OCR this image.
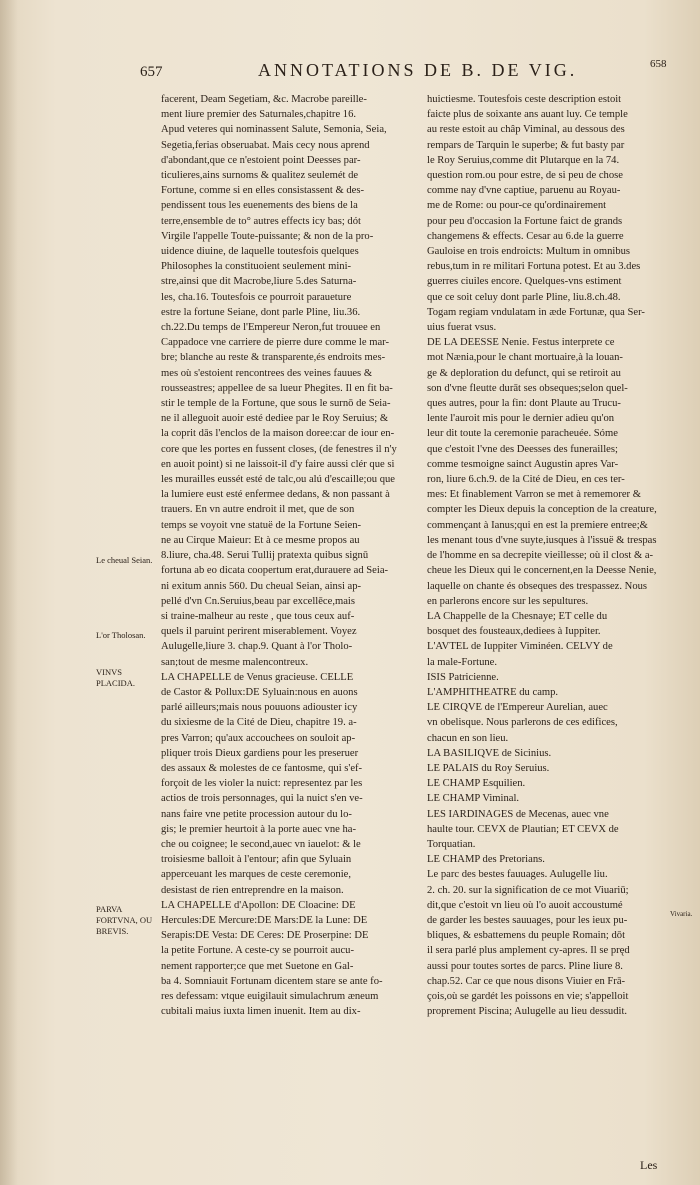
657	ANNOTATIONS DE B. DE VIG.	658
Le cheual Seian.
L'or Tholosan.
VINVS PLACIDA.
PARVA FORTVNA, OU BREVIS.
Vivaria.
facerent, Deam Segetiam, &c. Macrobe pareille-
ment liure premier des Saturnales,chapitre 16.
Apud veteres qui nominassent Salute, Semonia, Seia,
Segetia,ferias obseruabat. Mais cecy nous aprend
d'abondant,que ce n'estoient point Deesses par-
ticulieres,ains surnoms & qualitez seulemét de
Fortune, comme si en elles consistassent & des-
pendissent tous les euenements des biens de la
terre,ensemble de to° autres effects icy bas; dót
Virgile l'appelle Toute-puissante; & non de la pro-
uidence diuine, de laquelle toutesfois quelques
Philosophes la constituoient seulement mini-
stre,ainsi que dit Macrobe,liure 5.des Saturna-
les, cha.16. Toutesfois ce pourroit paraueture
estre la fortune Seiane, dont parle Pline, liu.36.
ch.22.Du temps de l'Empereur Neron,fut trouuee en
Cappadoce vne carriere de pierre dure comme le mar-
bre; blanche au reste & transparente,és endroits mes-
mes où s'estoient rencontrees des veines fauues &
rousseastres; appellee de sa lueur Phegites. Il en fit ba-
stir le temple de la Fortune, que sous le surnō de Seia-
ne il alleguoit auoir esté dediee par le Roy Seruius; &
la coprit dās l'enclos de la maison doree:car de iour en-
core que les portes en fussent closes, (de fenestres il n'y
en auoit point) si ne laissoit-il d'y faire aussi clér que si
les murailles eussét esté de talc,ou alú d'escaille;ou que
la lumiere eust esté enfermee dedans, & non passant à
trauers. En vn autre endroit il met, que de son
temps se voyoit vne statuë de la Fortune Seien-
ne au Cirque Maieur: Et à ce mesme propos au
8.liure, cha.48. Serui Tullij pratexta quibus signū
fortuna ab eo dicata coopertum erat,durauere ad Seia-
ni exitum annis 560. Du cheual Seian, ainsi ap-
pellé d'vn Cn.Seruius,beau par excellēce,mais
si traine-malheur au reste , que tous ceux auf-
quels il paruint perirent miserablement. Voyez
Aulugelle,liure 3. chap.9. Quant à l'or Tholo-
san;tout de mesme malencontreux.
LA CHAPELLE de Venus gracieuse. CELLE
de Castor & Pollux:DE Syluain:nous en auons
parlé ailleurs;mais nous pouuons adiouster icy
du sixiesme de la Cité de Dieu, chapitre 19. a-
pres Varron; qu'aux accouchees on souloit ap-
pliquer trois Dieux gardiens pour les preseruer
des assaux & molestes de ce fantosme, qui s'ef-
forçoit de les violer la nuict: representez par les
actios de trois personnages, qui la nuict s'en ve-
nans faire vne petite procession autour du lo-
gis; le premier heurtoit à la porte auec vne ha-
che ou coignee; le second,auec vn iauelot: & le
troisiesme balloit à l'entour; afin que Syluain
apperceuant les marques de ceste ceremonie,
desistast de rien entreprendre en la maison.
LA CHAPELLE d'Apollon: DE Cloacine: DE
Hercules:DE Mercure:DE Mars:DE la Lune: DE
Serapis:DE Vesta: DE Ceres: DE Proserpine: DE
la petite Fortune. A ceste-cy se pourroit aucu-
nement rapporter;ce que met Suetone en Gal-
ba 4. Somniauit Fortunam dicentem stare se ante fo-
res defessam: vtque euigilauit simulachrum æneum
cubitali maius iuxta limen inuenit. Item au dix-
huictiesme. Toutesfois ceste description estoit
faicte plus de soixante ans auant luy. Ce temple
au reste estoit au châp Viminal, au dessous des
rempars de Tarquin le superbe; & fut basty par
le Roy Seruius,comme dit Plutarque en la 74.
question rom.ou pour estre, de si peu de chose
comme nay d'vne captiue, paruenu au Royau-
me de Rome: ou pour-ce qu'ordinairement
pour peu d'occasion la Fortune faict de grands
changemens & effects. Cesar au 6.de la guerre
Gauloise en trois endroicts: Multum in omnibus
rebus,tum in re militari Fortuna potest. Et au 3.des
guerres ciuiles encore. Quelques-vns estiment
que ce soit celuy dont parle Pline, liu.8.ch.48.
Togam regiam vndulatam in æde Fortunæ, qua Ser-
uius fuerat vsus.
DE LA DEESSE Nenie. Festus interprete ce
mot Nænia,pour le chant mortuaire,à la louan-
ge & deploration du defunct, qui se retiroit au
son d'vne fleutte durāt ses obseques;selon quel-
ques autres, pour la fin: dont Plaute au Trucu-
lente l'auroit mis pour le dernier adieu qu'on
leur dit toute la ceremonie paracheuée. Sóme
que c'estoit l'vne des Deesses des funerailles;
comme tesmoigne sainct Augustin apres Var-
ron, liure 6.ch.9. de la Cité de Dieu, en ces ter-
mes: Et finablement Varron se met à rememorer &
compter les Dieux depuis la conception de la creature,
commençant à Ianus;qui en est la premiere entree;&
les menant tous d'vne suyte,iusques à l'issuë & trespas
de l'homme en sa decrepite vieillesse; où il clost & a-
cheue les Dieux qui le concernent,en la Deesse Nenie,
laquelle on chante és obseques des trespassez. Nous
en parlerons encore sur les sepultures.
LA Chappelle de la Chesnaye; ET celle du
bosquet des fousteaux,dediees à Iuppiter.
L'AVTEL de Iuppiter Viminéen. CELVY de
la male-Fortune.
ISIS Patricienne.
L'AMPHITHEATRE du camp.
LE CIRQVE de l'Empereur Aurelian, auec
vn obelisque. Nous parlerons de ces edifices,
chacun en son lieu.
LA BASILIQVE de Sicinius.
LE PALAIS du Roy Seruius.
LE CHAMP Esquilien.
LE CHAMP Viminal.
LES IARDINAGES de Mecenas, auec vne
haulte tour. CEVX de Plautian; ET CEVX de
Torquatian.
LE CHAMP des Pretorians.
Le parc des bestes fauuages. Aulugelle liu.
2. ch. 20. sur la signification de ce mot Viuariū;
dit,que c'estoit vn lieu où l'o auoit accoustumé
de garder les bestes sauuages, pour les ieux pu-
bliques, & esbattemens du peuple Romain; dōt
il sera parlé plus amplement cy-apres. Il se pręd
aussi pour toutes sortes de parcs. Pline liure 8.
chap.52. Car ce que nous disons Viuier en Frā-
çois,où se gardét les poissons en vie; s'appelloit
proprement Piscina; Aulugelle au lieu dessudit.
Les
